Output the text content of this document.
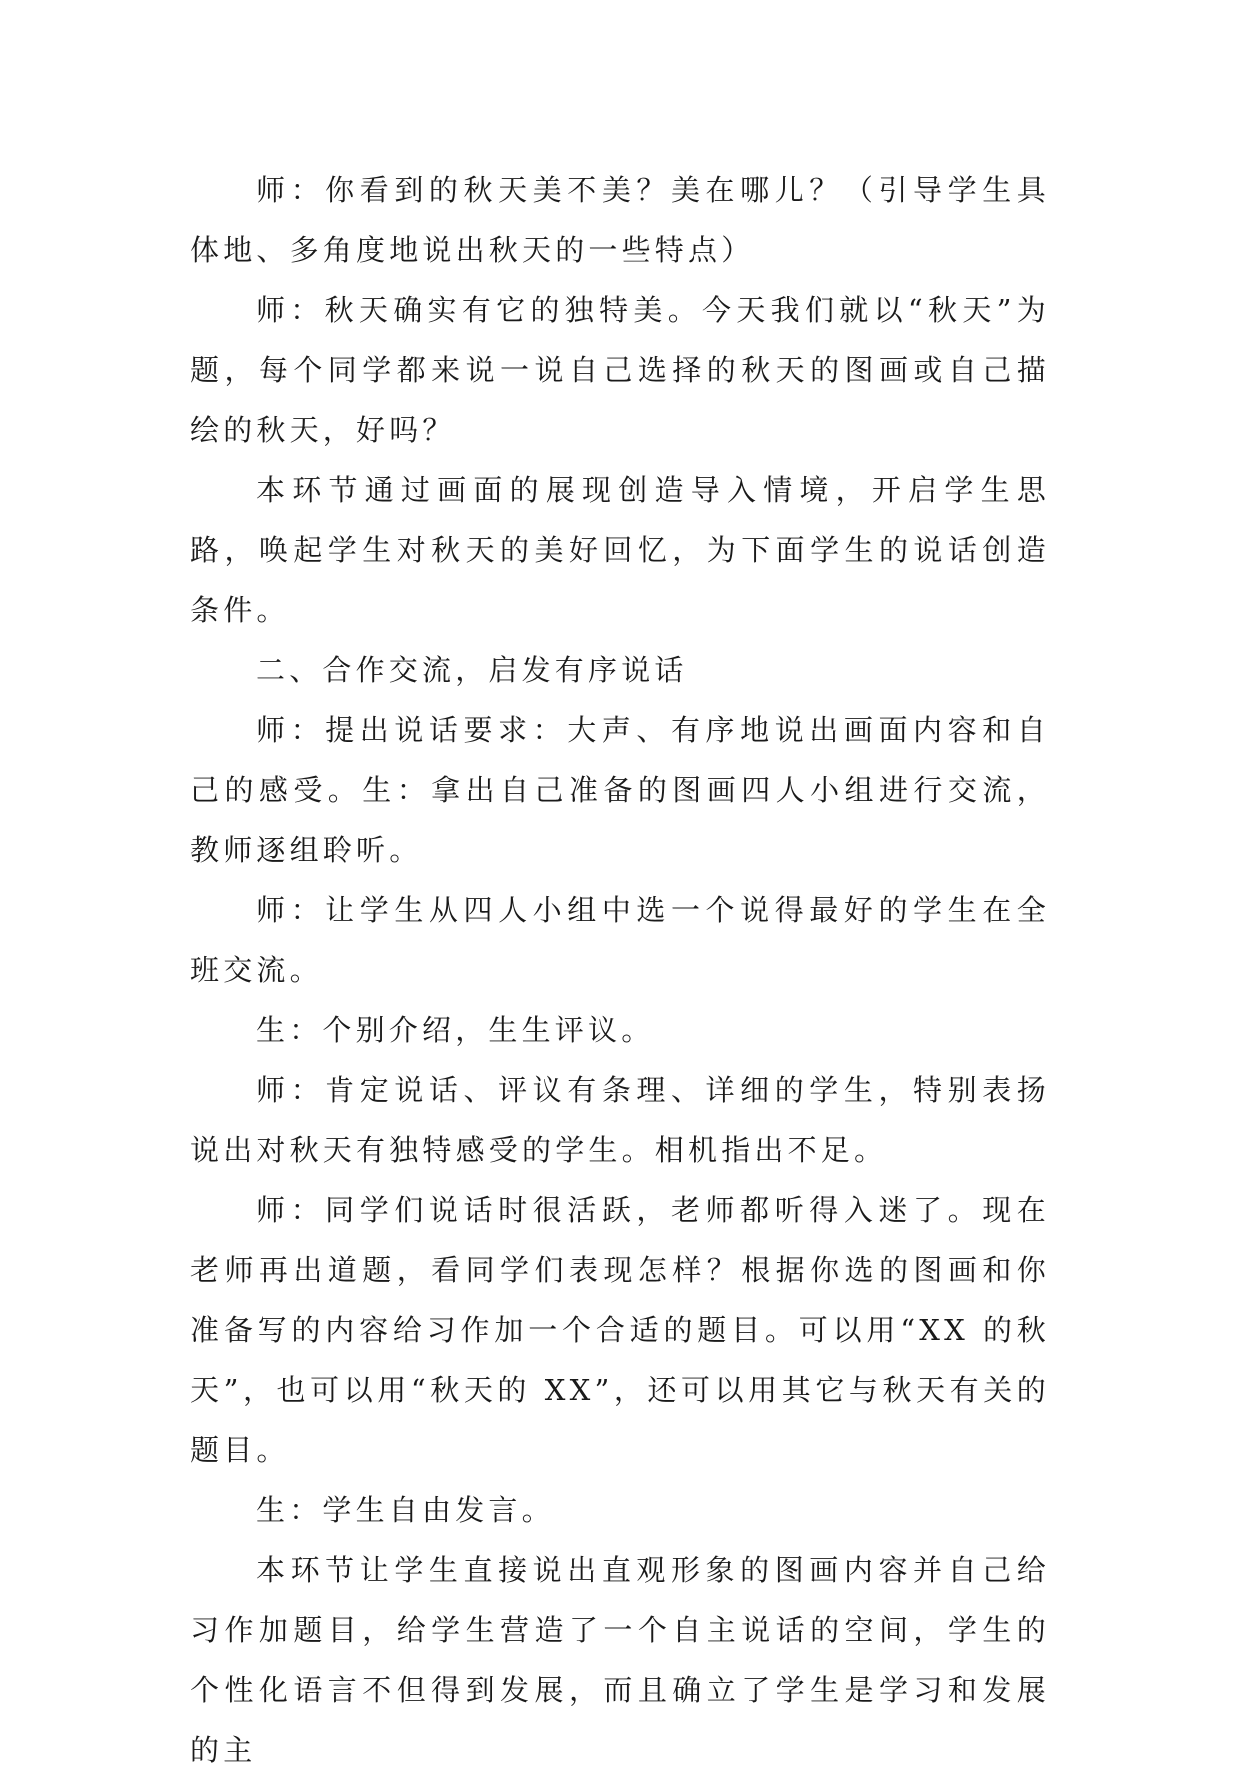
师：你看到的秋天美不美？美在哪儿？（引导学生具体地、多角度地说出秋天的一些特点）

师：秋天确实有它的独特美。今天我们就以“秋天”为题，每个同学都来说一说自己选择的秋天的图画或自己描绘的秋天，好吗？

本环节通过画面的展现创造导入情境，开启学生思路，唤起学生对秋天的美好回忆，为下面学生的说话创造条件。

二、合作交流，启发有序说话

师：提出说话要求：大声、有序地说出画面内容和自己的感受。生：拿出自己准备的图画四人小组进行交流，教师逐组聆听。

师：让学生从四人小组中选一个说得最好的学生在全班交流。

生：个别介绍，生生评议。

师：肯定说话、评议有条理、详细的学生，特别表扬说出对秋天有独特感受的学生。相机指出不足。

师：同学们说话时很活跃，老师都听得入迷了。现在老师再出道题，看同学们表现怎样？根据你选的图画和你准备写的内容给习作加一个合适的题目。可以用“XX 的秋天”，也可以用“秋天的 XX”，还可以用其它与秋天有关的题目。

生：学生自由发言。

本环节让学生直接说出直观形象的图画内容并自己给习作加题目，给学生营造了一个自主说话的空间，学生的个性化语言不但得到发展，而且确立了学生是学习和发展的主
